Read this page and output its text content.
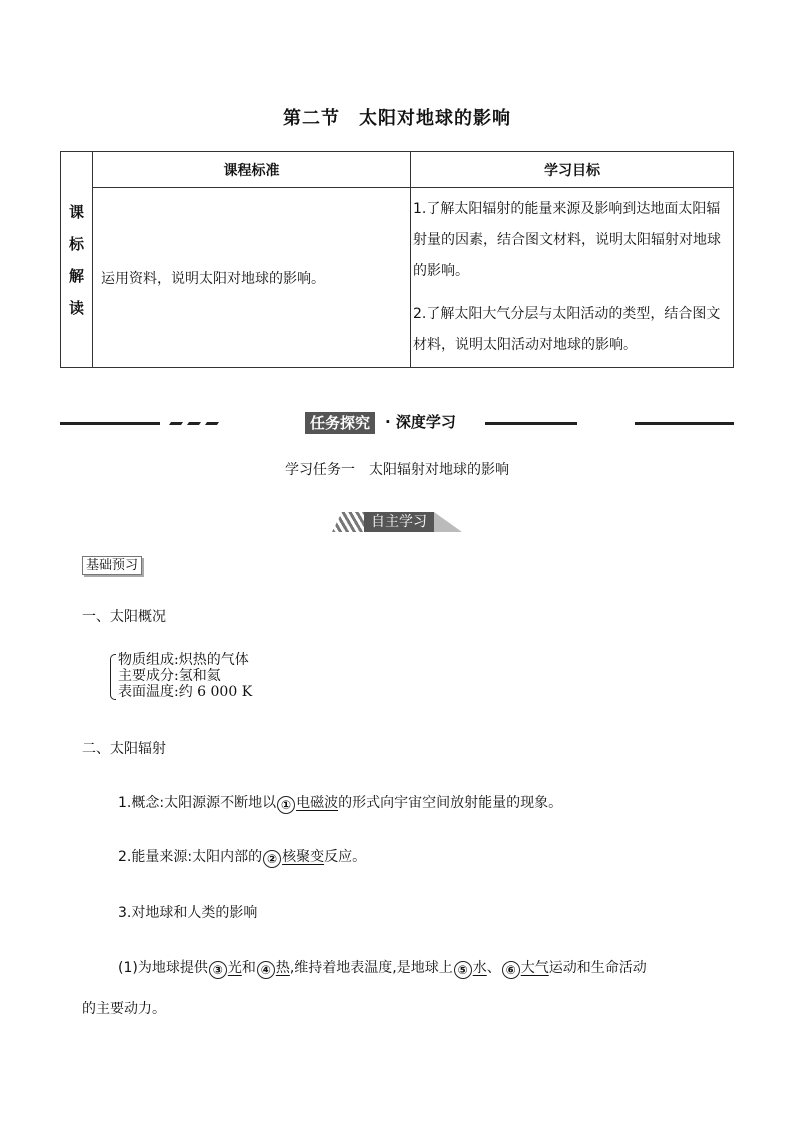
第二节　太阳对地球的影响
课
标
解
读	课程标准	学习目标
	运用资料，说明太阳对地球的影响。	1.了解太阳辐射的能量来源及影响到达地面太阳辐射量的因素，结合图文材料，说明太阳辐射对地球的影响。

2.了解太阳大气分层与太阳活动的类型，结合图文材料，说明太阳活动对地球的影响。

任务探究 · 深度学习
学习任务一　太阳辐射对地球的影响
自主学习
基础预习
一、太阳概况
物质组成:炽热的气体
主要成分:氢和氦
表面温度:约 6 000 K
二、太阳辐射
1.概念:太阳源源不断地以 ① 电磁波的形式向宇宙空间放射能量的现象。
2.能量来源:太阳内部的 ② 核聚变反应。
3.对地球和人类的影响
(1)为地球提供 ③ 光和 ④ 热,维持着地表温度,是地球上 ⑤ 水、 ⑥ 大气运动和生命活动
的主要动力。
